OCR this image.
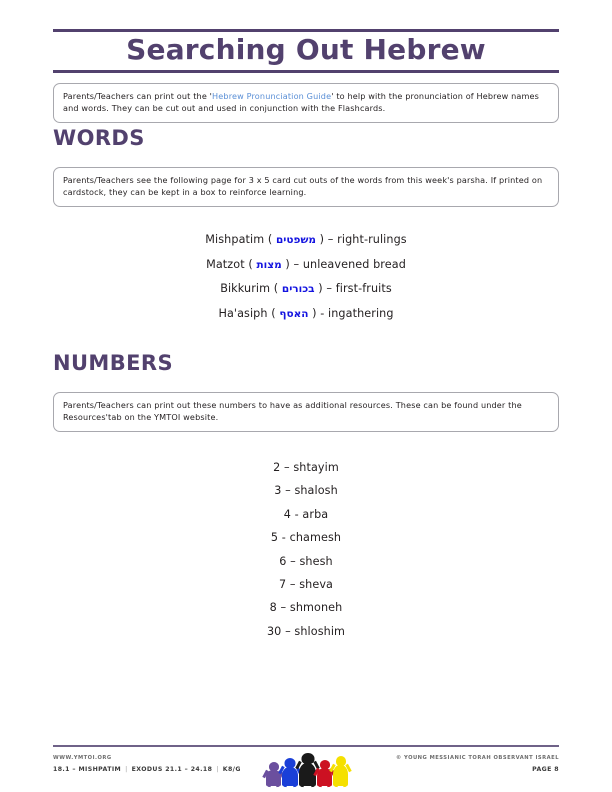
Searching Out Hebrew
Parents/Teachers can print out the 'Hebrew Pronunciation Guide' to help with the pronunciation of Hebrew names and words. They can be cut out and used in conjunction with the Flashcards.
WORDS
Parents/Teachers see the following page for 3 x 5 card cut outs of the words from this week's parsha. If printed on cardstock, they can be kept in a box to reinforce learning.
Mishpatim ( משפטים ) – right-rulings
Matzot ( מצות ) – unleavened bread
Bikkurim ( בכורים ) – first-fruits
Ha'asiph ( האסף ) - ingathering
NUMBERS
Parents/Teachers can print out these numbers to have as additional resources. These can be found under the Resources'tab on the YMTOI website.
2 – shtayim
3 – shalosh
4 - arba
5 - chamesh
6 – shesh
7 – sheva
8 – shmoneh
30 – shloshim
WWW.YMTOI.ORG
18.1 – MISHPATIM | EXODUS 21.1 – 24.18 | K8/G
© YOUNG MESSIANIC TORAH OBSERVANT ISRAEL
PAGE 8
